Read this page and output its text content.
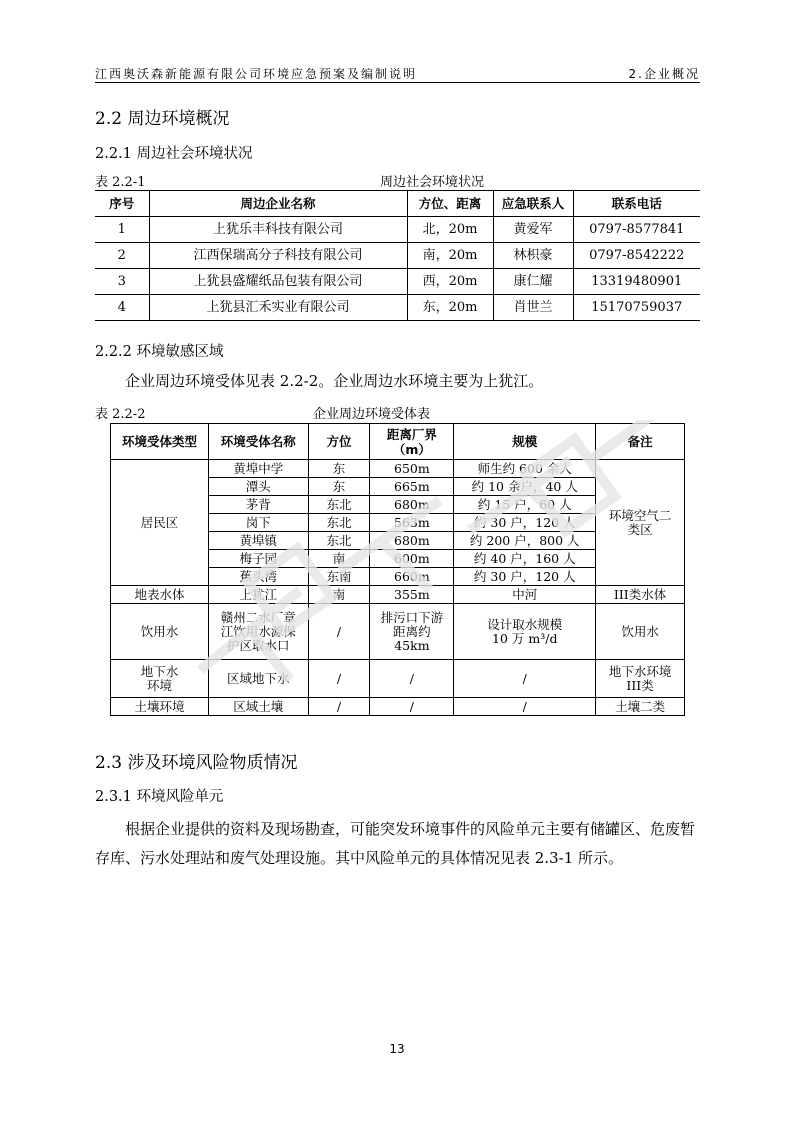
江西奥沃森新能源有限公司环境应急预案及编制说明	2.企业概况
2.2 周边环境概况
2.2.1 周边社会环境状况
表 2.2-1	周边社会环境状况
序号	周边企业名称	方位、距离	应急联系人	联系电话
1	上犹乐丰科技有限公司	北，20m	黄爱军	0797-8577841
2	江西保瑞高分子科技有限公司	南，20m	林枳豪	0797-8542222
3	上犹县盛耀纸品包装有限公司	西，20m	康仁耀	13319480901
4	上犹县汇禾实业有限公司	东，20m	肖世兰	15170759037
2.2.2 环境敏感区域
企业周边环境受体见表 2.2-2。企业周边水环境主要为上犹江。
表 2.2-2	企业周边环境受体表
环境受体类型	环境受体名称	方位	距离厂界（m）	规模	备注
居民区	黄埠中学	东	650m	师生约 600 余人	环境空气二类区
	潭头	东	665m	约 10 余户，40 人	
	茅背	东北	680m	约 15 户，60 人	
	岗下	东北	563m	约 30 户，120 人	
	黄埠镇	东北	680m	约 200 户，800 人	
	梅子园	南	600m	约 40 户，160 人	
	蕉头湾	东南	660m	约 30 户，120 人	
地表水体	上犹江	南	355m	中河	III类水体
饮用水	赣州二水厂章江饮用水源保护区取水口	/	排污口下游距离约45km	设计取水规模10 万 m³/d	饮用水
地下水环境	区域地下水	/	/	/	地下水环境III类
土壤环境	区域土壤	/	/	/	土壤二类
2.3 涉及环境风险物质情况
2.3.1 环境风险单元
根据企业提供的资料及现场勘查，可能突发环境事件的风险单元主要有储罐区、危废暂存库、污水处理站和废气处理设施。其中风险单元的具体情况见表 2.3-1 所示。
13
